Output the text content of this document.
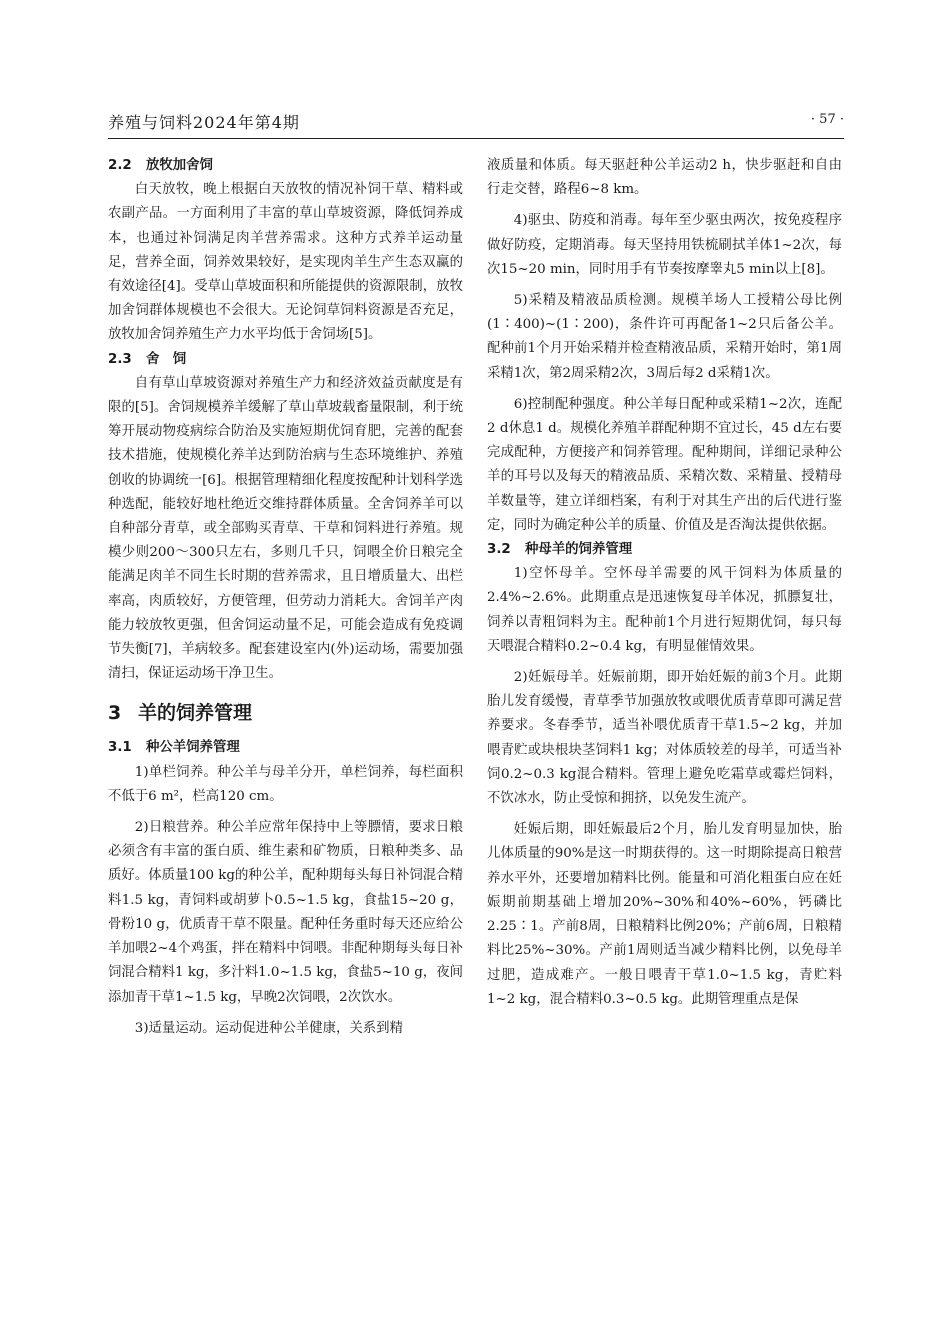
养殖与饲料2024年第4期	· 57 ·
2.2 放牧加舍饲

白天放牧，晚上根据白天放牧的情况补饲干草、精料或农副产品。一方面利用了丰富的草山草坡资源，降低饲养成本，也通过补饲满足肉羊营养需求。这种方式养羊运动量足，营养全面，饲养效果较好，是实现肉羊生产生态双赢的有效途径[4]。受草山草坡面积和所能提供的资源限制，放牧加舍饲群体规模也不会很大。无论饲草饲料资源是否充足，放牧加舍饲养殖生产力水平均低于舍饲场[5]。

2.3 舍　饲

自有草山草坡资源对养殖生产力和经济效益贡献度是有限的[5]。舍饲规模养羊缓解了草山草坡载畜量限制，利于统筹开展动物疫病综合防治及实施短期优饲育肥，完善的配套技术措施，使规模化养羊达到防治病与生态环境维护、养殖创收的协调统一[6]。根据管理精细化程度按配种计划科学选种选配，能较好地杜绝近交维持群体质量。全舍饲养羊可以自种部分青草，或全部购买青草、干草和饲料进行养殖。规模少则200～300只左右，多则几千只，饲喂全价日粮完全能满足肉羊不同生长时期的营养需求，且日增质量大、出栏率高，肉质较好，方便管理，但劳动力消耗大。舍饲羊产肉能力较放牧更强，但舍饲运动量不足，可能会造成有免疫调节失衡[7]，羊病较多。配套建设室内(外)运动场，需要加强清扫，保证运动场干净卫生。

3 羊的饲养管理
3.1 种公羊饲养管理

1)单栏饲养。种公羊与母羊分开，单栏饲养，每栏面积不低于6 m²，栏高120 cm。

2)日粮营养。种公羊应常年保持中上等膘情，要求日粮必须含有丰富的蛋白质、维生素和矿物质，日粮种类多、品质好。体质量100 kg的种公羊，配种期每头每日补饲混合精料1.5 kg，青饲料或胡萝卜0.5~1.5 kg，食盐15~20 g，骨粉10 g，优质青干草不限量。配种任务重时每天还应给公羊加喂2~4个鸡蛋，拌在精料中饲喂。非配种期每头每日补饲混合精料1 kg，多汁料1.0~1.5 kg，食盐5~10 g，夜间添加青干草1~1.5 kg，早晚2次饲喂，2次饮水。

3)适量运动。运动促进种公羊健康，关系到精

液质量和体质。每天驱赶种公羊运动2 h，快步驱赶和自由行走交替，路程6~8 km。

4)驱虫、防疫和消毒。每年至少驱虫两次，按免疫程序做好防疫，定期消毒。每天坚持用铁梳刷拭羊体1~2次，每次15~20 min，同时用手有节奏按摩睾丸5 min以上[8]。

5)采精及精液品质检测。规模羊场人工授精公母比例(1∶400)~(1∶200)，条件许可再配备1~2只后备公羊。配种前1个月开始采精并检查精液品质，采精开始时，第1周采精1次，第2周采精2次，3周后每2 d采精1次。

6)控制配种强度。种公羊每日配种或采精1~2次，连配2 d休息1 d。规模化养殖羊群配种期不宜过长，45 d左右要完成配种，方便接产和饲养管理。配种期间，详细记录种公羊的耳号以及每天的精液品质、采精次数、采精量、授精母羊数量等，建立详细档案，有利于对其生产出的后代进行鉴定，同时为确定种公羊的质量、价值及是否淘汰提供依据。

3.2 种母羊的饲养管理

1)空怀母羊。空怀母羊需要的风干饲料为体质量的2.4%~2.6%。此期重点是迅速恢复母羊体况，抓膘复壮，饲养以青粗饲料为主。配种前1个月进行短期优饲，每只每天喂混合精料0.2~0.4 kg，有明显催情效果。

2)妊娠母羊。妊娠前期，即开始妊娠的前3个月。此期胎儿发育缓慢，青草季节加强放牧或喂优质青草即可满足营养要求。冬春季节，适当补喂优质青干草1.5~2 kg，并加喂青贮或块根块茎饲料1 kg；对体质较差的母羊，可适当补饲0.2~0.3 kg混合精料。管理上避免吃霜草或霉烂饲料，不饮冰水，防止受惊和拥挤，以免发生流产。

妊娠后期，即妊娠最后2个月，胎儿发育明显加快，胎儿体质量的90%是这一时期获得的。这一时期除提高日粮营养水平外，还要增加精料比例。能量和可消化粗蛋白应在妊娠期前期基础上增加20%~30%和40%~60%，钙磷比2.25∶1。产前8周，日粮精料比例20%；产前6周，日粮精料比25%~30%。产前1周则适当减少精料比例，以免母羊过肥，造成难产。一般日喂青干草1.0~1.5 kg，青贮料1~2 kg，混合精料0.3~0.5 kg。此期管理重点是保
